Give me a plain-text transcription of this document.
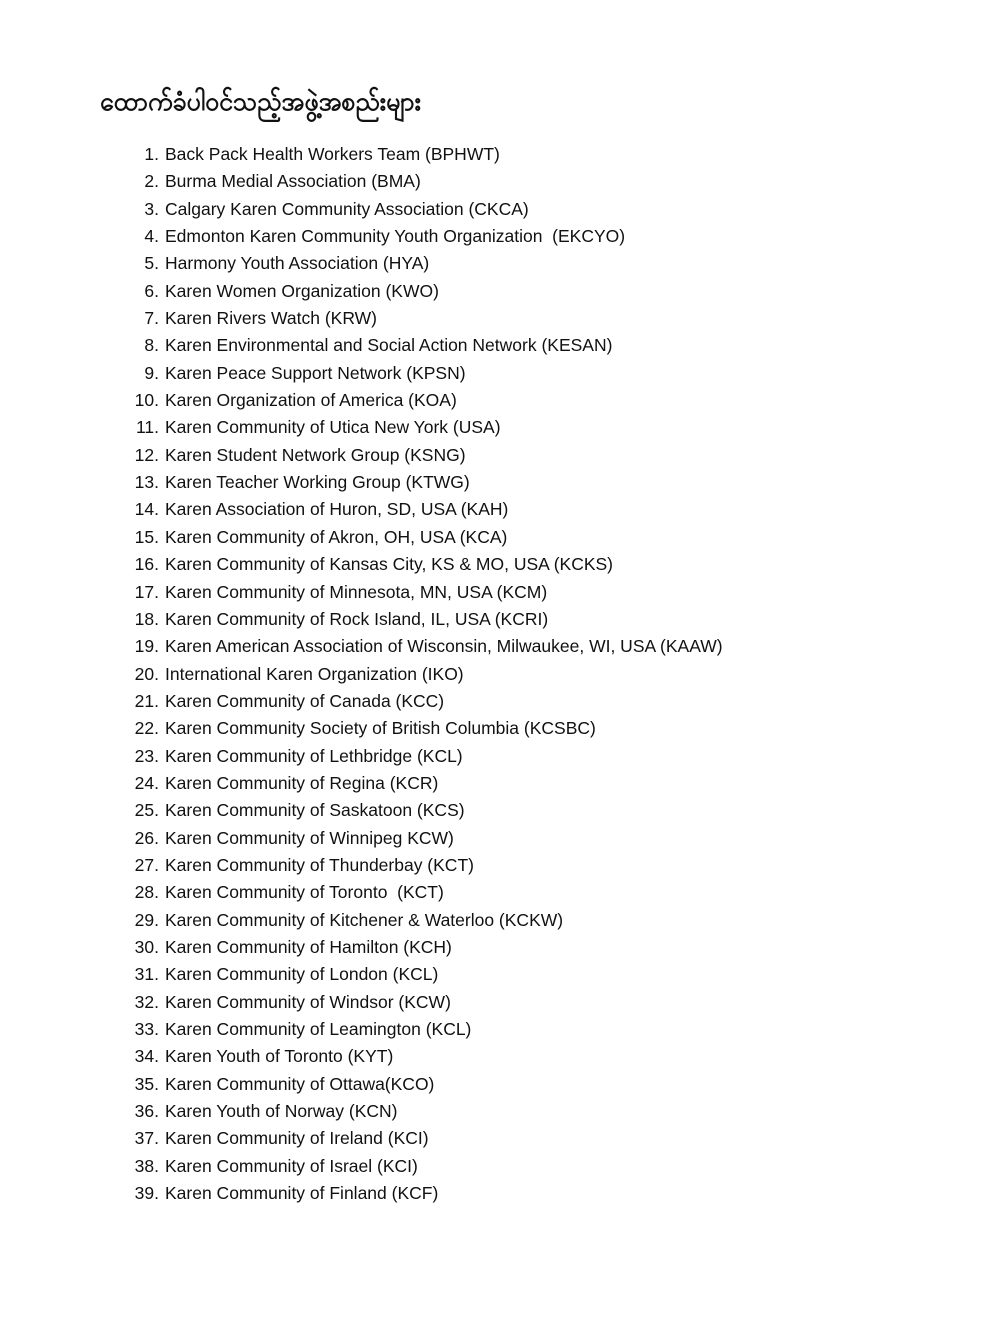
ထောက်ခံပါဝင်သည့်အဖွဲ့အစည်းများ
1. Back Pack Health Workers Team (BPHWT)
2. Burma Medial Association (BMA)
3. Calgary Karen Community Association (CKCA)
4. Edmonton Karen Community Youth Organization  (EKCYO)
5. Harmony Youth Association (HYA)
6. Karen Women Organization (KWO)
7. Karen Rivers Watch (KRW)
8. Karen Environmental and Social Action Network (KESAN)
9. Karen Peace Support Network (KPSN)
10. Karen Organization of America (KOA)
11. Karen Community of Utica New York (USA)
12. Karen Student Network Group (KSNG)
13. Karen Teacher Working Group (KTWG)
14. Karen Association of Huron, SD, USA (KAH)
15. Karen Community of Akron, OH, USA (KCA)
16. Karen Community of Kansas City, KS & MO, USA (KCKS)
17. Karen Community of Minnesota, MN, USA (KCM)
18. Karen Community of Rock Island, IL, USA (KCRI)
19. Karen American Association of Wisconsin, Milwaukee, WI, USA (KAAW)
20. International Karen Organization (IKO)
21. Karen Community of Canada (KCC)
22. Karen Community Society of British Columbia (KCSBC)
23. Karen Community of Lethbridge (KCL)
24. Karen Community of Regina (KCR)
25. Karen Community of Saskatoon (KCS)
26. Karen Community of Winnipeg KCW)
27. Karen Community of Thunderbay (KCT)
28. Karen Community of Toronto  (KCT)
29. Karen Community of Kitchener & Waterloo (KCKW)
30. Karen Community of Hamilton (KCH)
31. Karen Community of London (KCL)
32. Karen Community of Windsor (KCW)
33. Karen Community of Leamington (KCL)
34. Karen Youth of Toronto (KYT)
35. Karen Community of Ottawa(KCO)
36. Karen Youth of Norway (KCN)
37. Karen Community of Ireland (KCI)
38. Karen Community of Israel (KCI)
39. Karen Community of Finland (KCF)
